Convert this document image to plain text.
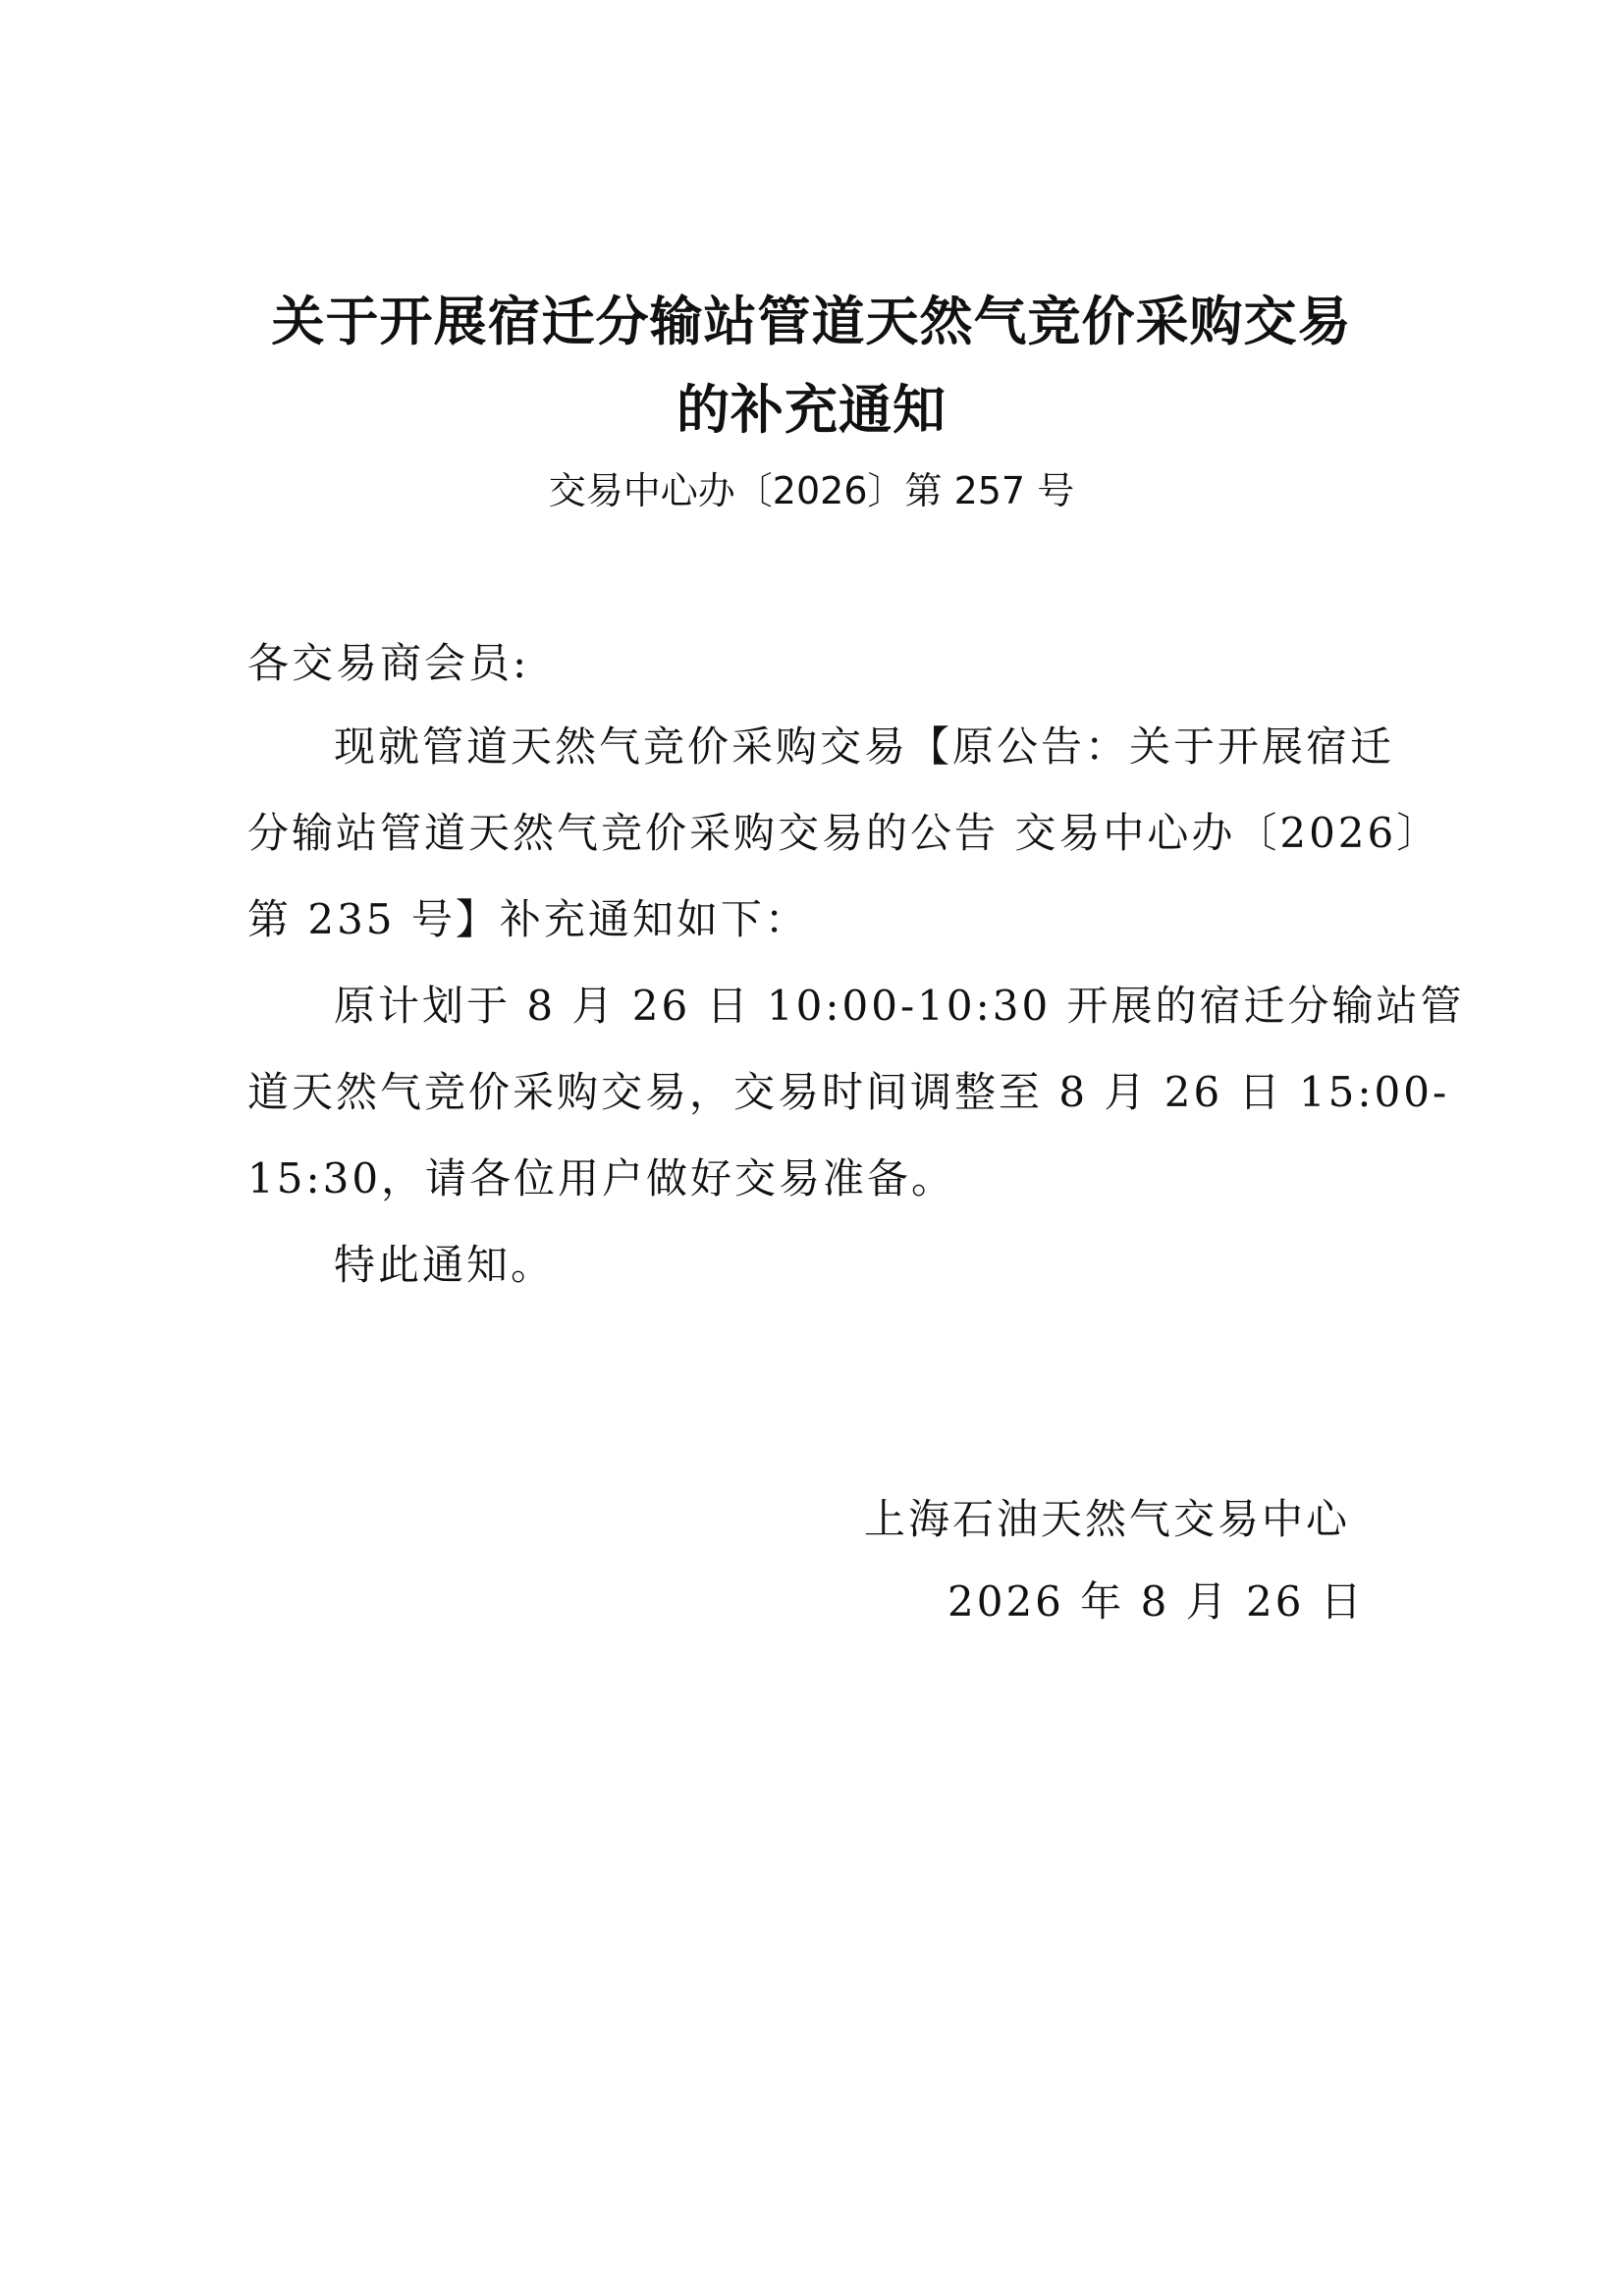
关于开展宿迁分输站管道天然气竞价采购交易
的补充通知
交易中心办〔2026〕第 257 号
各交易商会员:
现就管道天然气竞价采购交易【原公告：关于开展宿迁
分输站管道天然气竞价采购交易的公告 交易中心办〔2026〕
第 235 号】补充通知如下：
原计划于 8 月 26 日 10:00-10:30 开展的宿迁分输站管
道天然气竞价采购交易，交易时间调整至 8 月 26 日 15:00-
15:30，请各位用户做好交易准备。
特此通知。
上海石油天然气交易中心
2026 年 8 月 26 日
